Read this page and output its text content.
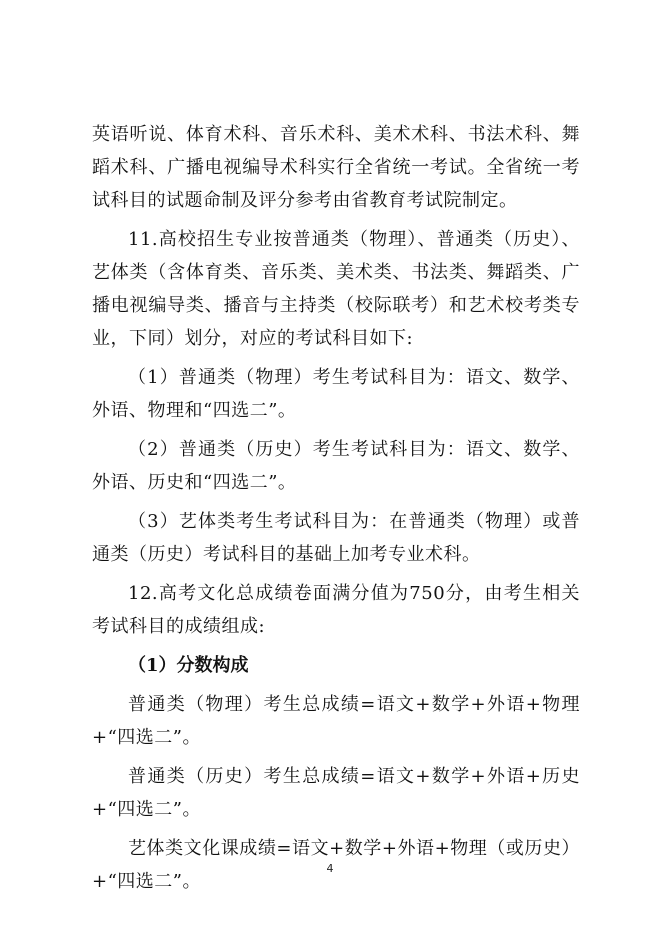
英语听说、体育术科、音乐术科、美术术科、书法术科、舞蹈术科、广播电视编导术科实行全省统一考试。全省统一考试科目的试题命制及评分参考由省教育考试院制定。

11.高校招生专业按普通类（物理）、普通类（历史）、艺体类（含体育类、音乐类、美术类、书法类、舞蹈类、广播电视编导类、播音与主持类（校际联考）和艺术校考类专业，下同）划分，对应的考试科目如下:

（1）普通类（物理）考生考试科目为：语文、数学、外语、物理和“四选二”。

（2）普通类（历史）考生考试科目为：语文、数学、外语、历史和“四选二”。

（3）艺体类考生考试科目为：在普通类（物理）或普通类（历史）考试科目的基础上加考专业术科。

12.高考文化总成绩卷面满分值为750分，由考生相关考试科目的成绩组成:

（1）分数构成

普通类（物理）考生总成绩=语文+数学+外语+物理+“四选二”。

普通类（历史）考生总成绩=语文+数学+外语+历史+“四选二”。

艺体类文化课成绩=语文+数学+外语+物理（或历史）+“四选二”。

4
